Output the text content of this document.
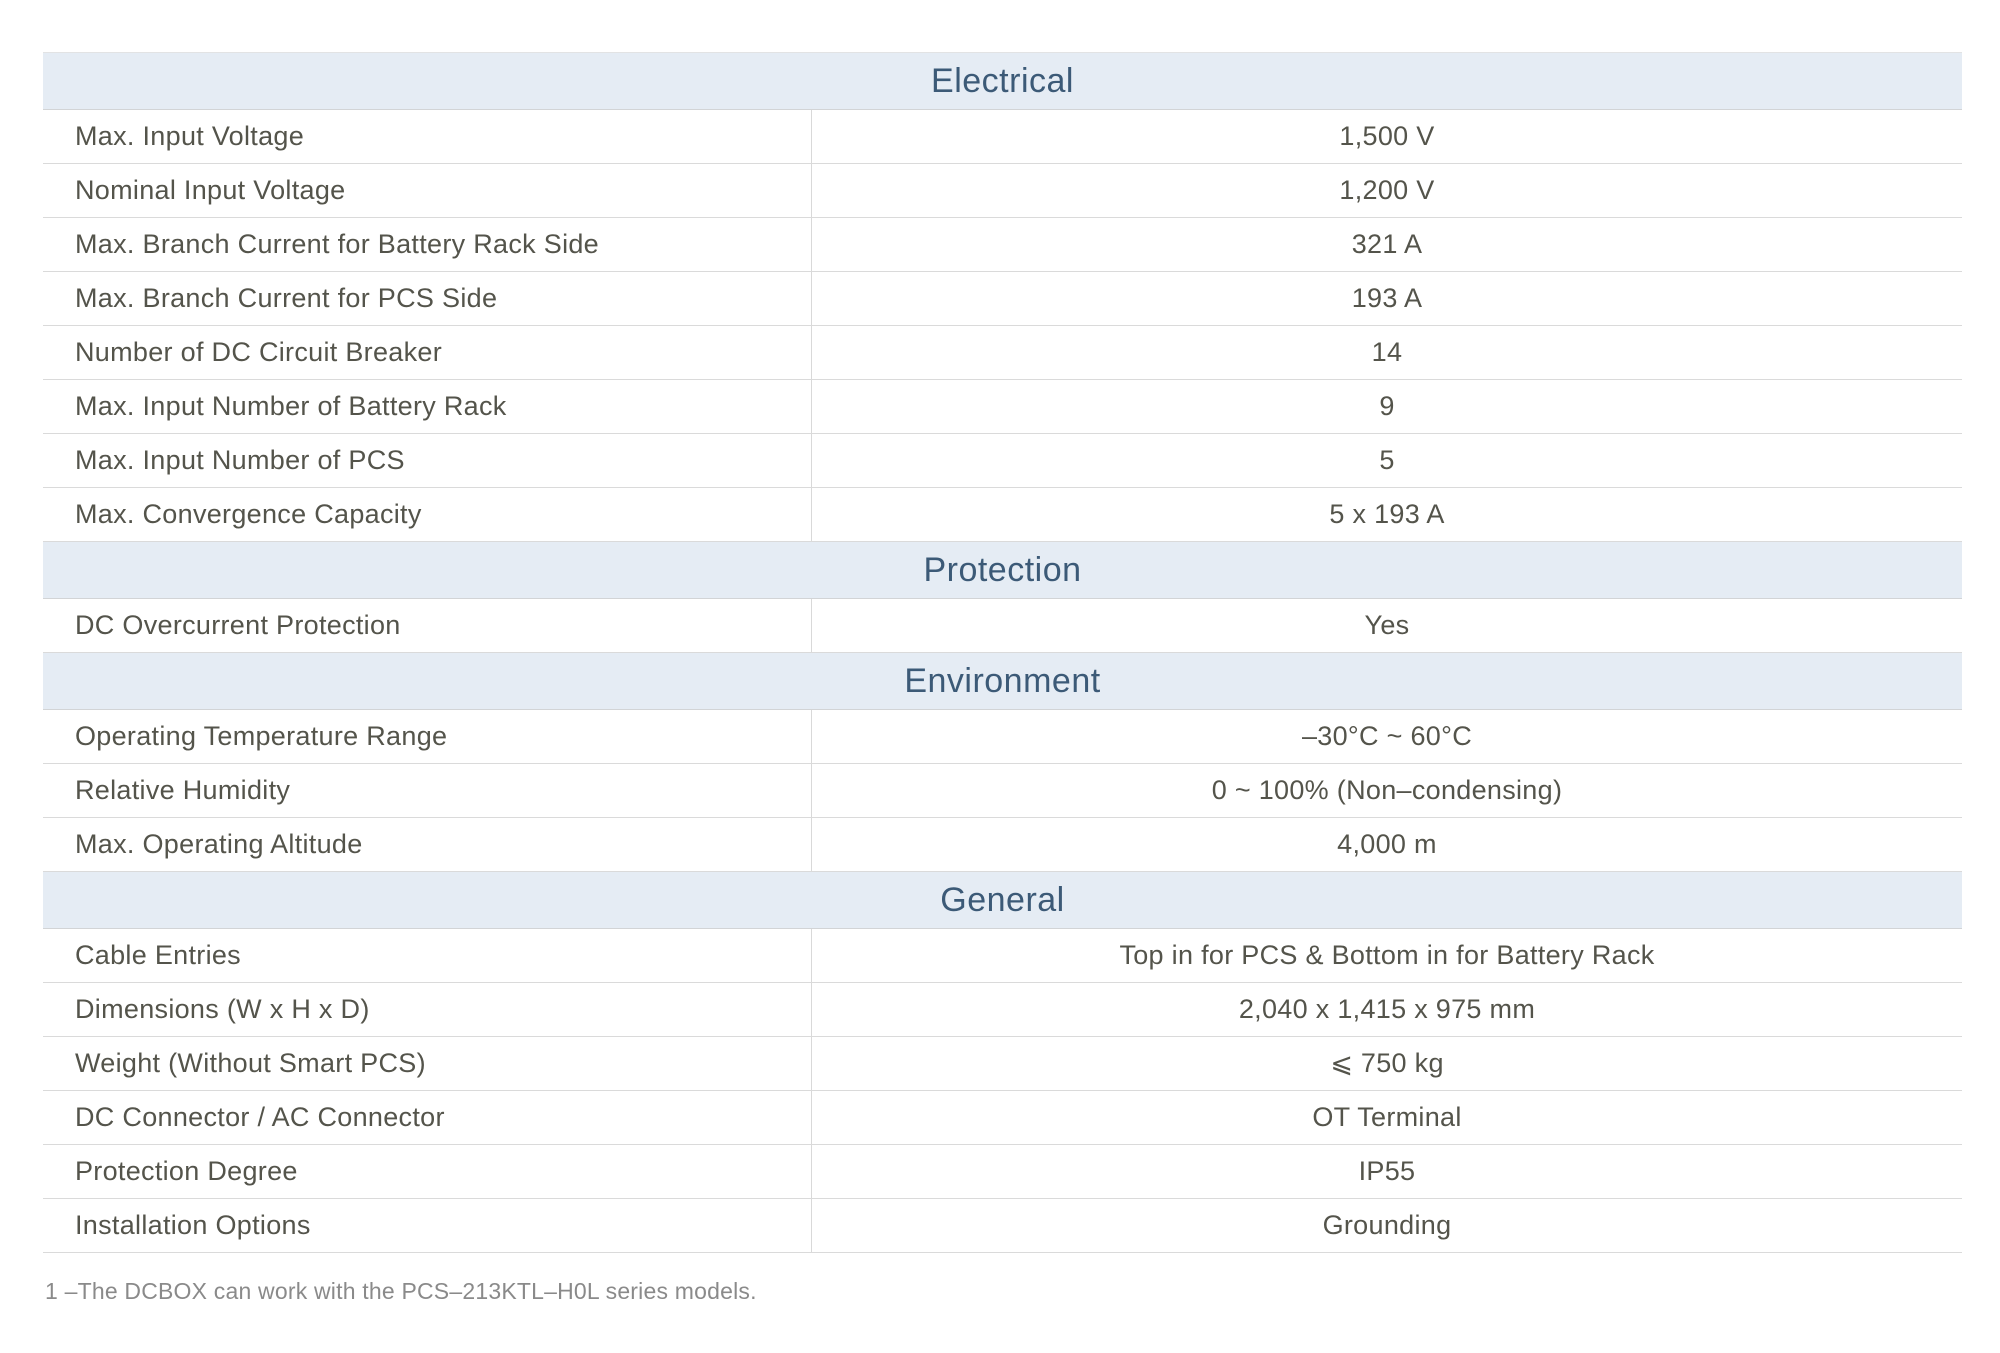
Electrical
Max. Input Voltage	1,500 V
Nominal Input Voltage	1,200 V
Max. Branch Current for Battery Rack Side	321 A
Max. Branch Current for PCS Side	193 A
Number of DC Circuit Breaker	14
Max. Input Number of Battery Rack	9
Max. Input Number of PCS	5
Max. Convergence Capacity	5 x 193 A
Protection
DC Overcurrent Protection	Yes
Environment
Operating Temperature Range	–30°C ~ 60°C
Relative Humidity	0 ~ 100% (Non–condensing)
Max. Operating Altitude	4,000 m
General
Cable Entries	Top in for PCS & Bottom in for Battery Rack
Dimensions (W x H x D)	2,040 x 1,415 x 975 mm
Weight (Without Smart PCS)	⩽ 750 kg
DC Connector / AC Connector	OT Terminal
Protection Degree	IP55
Installation Options	Grounding
1 –The DCBOX can work with the PCS–213KTL–H0L series models.
